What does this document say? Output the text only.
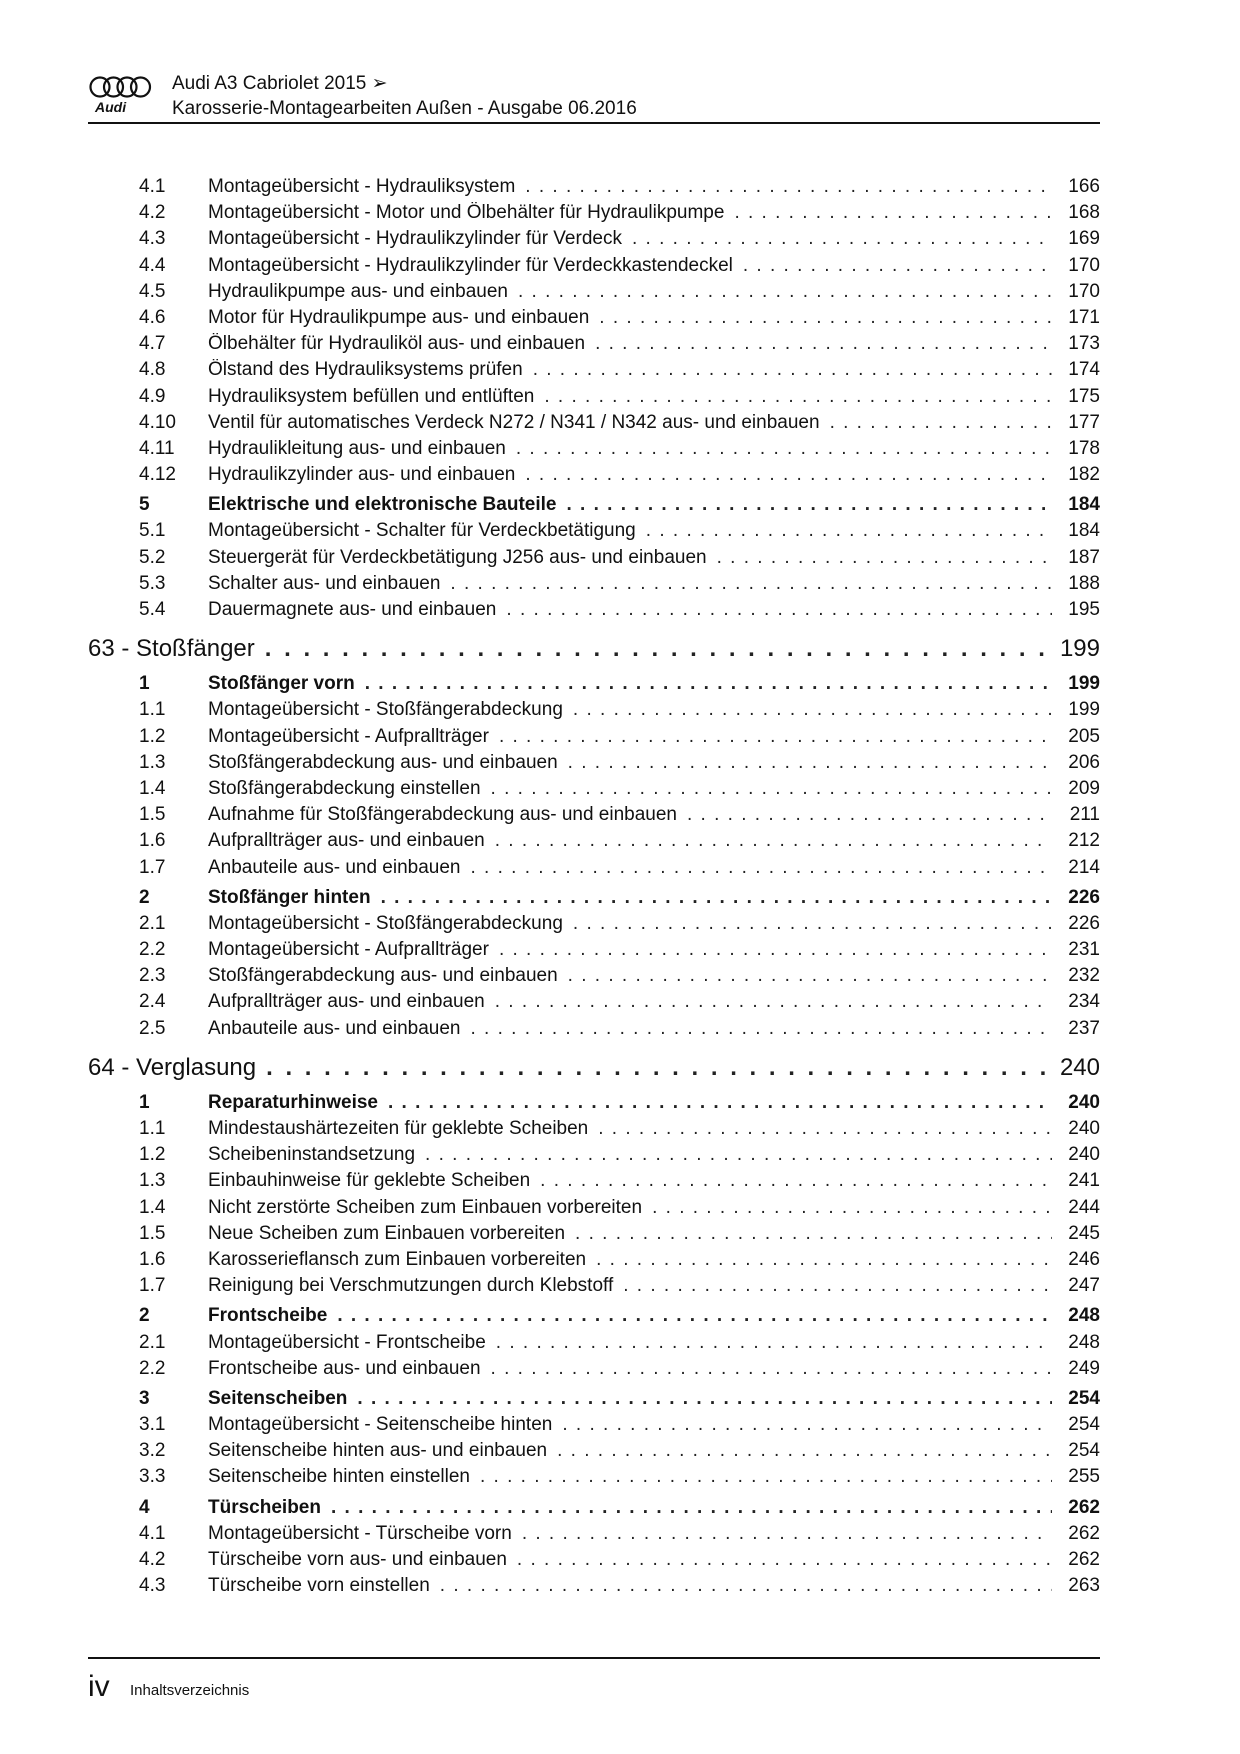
Audi
Audi A3 Cabriolet 2015 ➢
Karosserie-Montagearbeiten Außen - Ausgabe 06.2016
4.1 Montageübersicht - Hydrauliksystem . . .	166
4.2 Montageübersicht - Motor und Ölbehälter für Hydraulikpumpe . . .	168
4.3 Montageübersicht - Hydraulikzylinder für Verdeck . . .	169
4.4 Montageübersicht - Hydraulikzylinder für Verdeckkastendeckel . . .	170
4.5 Hydraulikpumpe aus- und einbauen . . .	170
4.6 Motor für Hydraulikpumpe aus- und einbauen . . .	171
4.7 Ölbehälter für Hydrauliköl aus- und einbauen . . .	173
4.8 Ölstand des Hydrauliksystems prüfen . . .	174
4.9 Hydrauliksystem befüllen und entlüften . . .	175
4.10 Ventil für automatisches Verdeck N272 / N341 / N342 aus- und einbauen . . .	177
4.11 Hydraulikleitung aus- und einbauen . . .	178
4.12 Hydraulikzylinder aus- und einbauen . . .	182
5	Elektrische und elektronische Bauteile . . .	184
5.1 Montageübersicht - Schalter für Verdeckbetätigung . . .	184
5.2 Steuergerät für Verdeckbetätigung J256 aus- und einbauen . . .	187
5.3 Schalter aus- und einbauen . . .	188
5.4 Dauermagnete aus- und einbauen . . .	195
63 - Stoßfänger . . .	199
1	Stoßfänger vorn . . .	199
1.1 Montageübersicht - Stoßfängerabdeckung . . .	199
1.2 Montageübersicht - Aufprallträger . . .	205
1.3 Stoßfängerabdeckung aus- und einbauen . . .	206
1.4 Stoßfängerabdeckung einstellen . . .	209
1.5 Aufnahme für Stoßfängerabdeckung aus- und einbauen . . .	211
1.6 Aufprallträger aus- und einbauen . . .	212
1.7 Anbauteile aus- und einbauen . . .	214
2	Stoßfänger hinten . . .	226
2.1 Montageübersicht - Stoßfängerabdeckung . . .	226
2.2 Montageübersicht - Aufprallträger . . .	231
2.3 Stoßfängerabdeckung aus- und einbauen . . .	232
2.4 Aufprallträger aus- und einbauen . . .	234
2.5 Anbauteile aus- und einbauen . . .	237
64 - Verglasung . . .	240
1	Reparaturhinweise . . .	240
1.1 Mindestaushärtezeiten für geklebte Scheiben . . .	240
1.2 Scheibeninstandsetzung . . .	240
1.3 Einbauhinweise für geklebte Scheiben . . .	241
1.4 Nicht zerstörte Scheiben zum Einbauen vorbereiten . . .	244
1.5 Neue Scheiben zum Einbauen vorbereiten . . .	245
1.6 Karosserieflansch zum Einbauen vorbereiten . . .	246
1.7 Reinigung bei Verschmutzungen durch Klebstoff . . .	247
2	Frontscheibe . . .	248
2.1 Montageübersicht - Frontscheibe . . .	248
2.2 Frontscheibe aus- und einbauen . . .	249
3	Seitenscheiben . . .	254
3.1 Montageübersicht - Seitenscheibe hinten . . .	254
3.2 Seitenscheibe hinten aus- und einbauen . . .	254
3.3 Seitenscheibe hinten einstellen . . .	255
4	Türscheiben . . .	262
4.1 Montageübersicht - Türscheibe vorn . . .	262
4.2 Türscheibe vorn aus- und einbauen . . .	262
4.3 Türscheibe vorn einstellen . . .	263
iv Inhaltsverzeichnis
